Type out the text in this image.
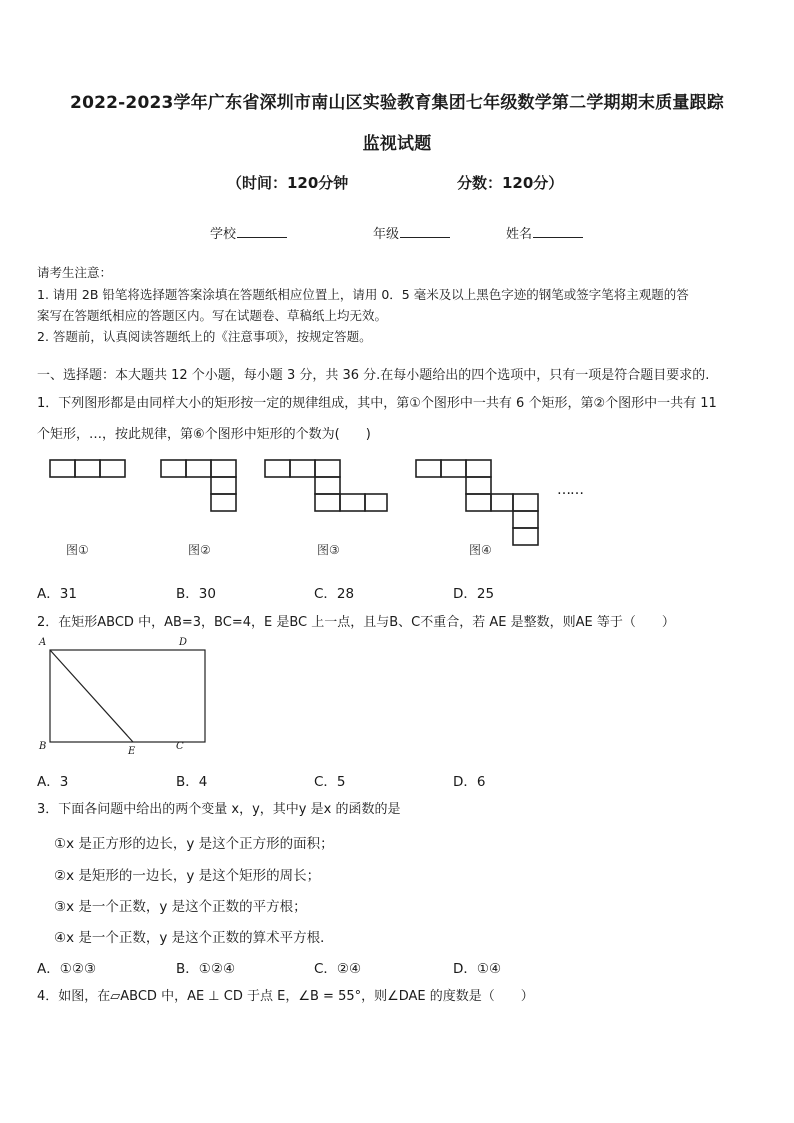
2022-2023学年广东省深圳市南山区实验教育集团七年级数学第二学期期末质量跟踪
监视试题
（时间：120分钟	分数：120分）
学校	年级	姓名
请考生注意：
1. 请用 2B 铅笔将选择题答案涂填在答题纸相应位置上，请用 0．5 毫米及以上黑色字迹的钢笔或签字笔将主观题的答
案写在答题纸相应的答题区内。写在试题卷、草稿纸上均无效。
2. 答题前，认真阅读答题纸上的《注意事项》，按规定答题。
一、选择题：本大题共 12 个小题，每小题 3 分，共 36 分.在每小题给出的四个选项中，只有一项是符合题目要求的.
1．下列图形都是由同样大小的矩形按一定的规律组成，其中，第①个图形中一共有 6 个矩形，第②个图形中一共有 11
个矩形，…，按此规律，第⑥个图形中矩形的个数为(　　)
……
图①	图②	图③	图④
A．31	B．30	C．28	D．25
2．在矩形ABCD 中，AB=3，BC=4，E 是BC 上一点，且与B、C不重合，若 AE 是整数，则AE 等于（　　）
A	D
B	C
E
A．3	B．4	C．5	D．6
3．下面各问题中给出的两个变量 x，y，其中y 是x 的函数的是
①x 是正方形的边长，y 是这个正方形的面积；
②x 是矩形的一边长，y 是这个矩形的周长；
③x 是一个正数，y 是这个正数的平方根；
④x 是一个正数，y 是这个正数的算术平方根．
A．①②③	B．①②④	C．②④	D．①④
4．如图，在▱ABCD 中，AE ⊥ CD 于点 E，∠B = 55°，则∠DAE 的度数是（　　）
